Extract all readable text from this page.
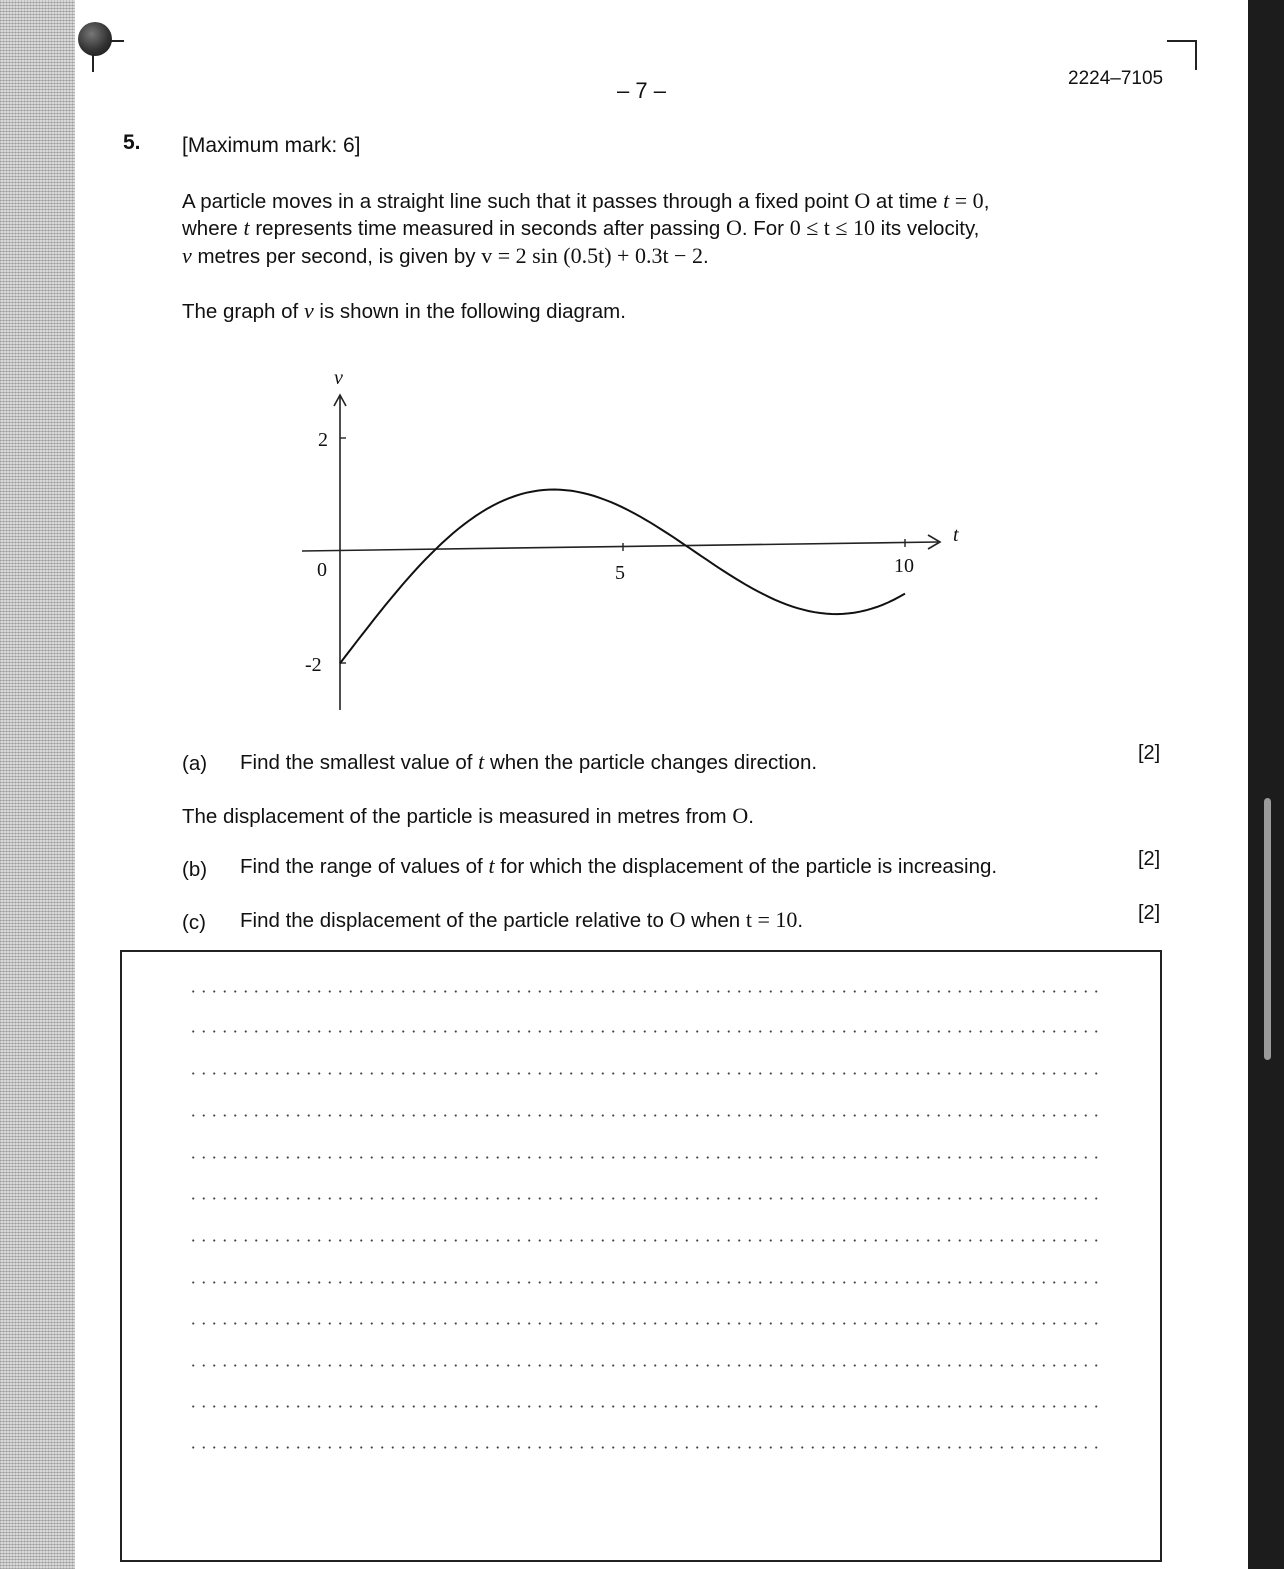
– 7 –	2224–7105
5. [Maximum mark: 6]
A particle moves in a straight line such that it passes through a fixed point O at time t = 0,
where t represents time measured in seconds after passing O. For 0 ≤ t ≤ 10 its velocity,
v metres per second, is given by v = 2 sin (0.5t) + 0.3t − 2.
The graph of v is shown in the following diagram.
v
t
2
-2
0	5	10
(a) Find the smallest value of t when the particle changes direction.	[2]
The displacement of the particle is measured in metres from O.
(b) Find the range of values of t for which the displacement of the particle is increasing.	[2]
(c) Find the displacement of the particle relative to O when t = 10.	[2]
